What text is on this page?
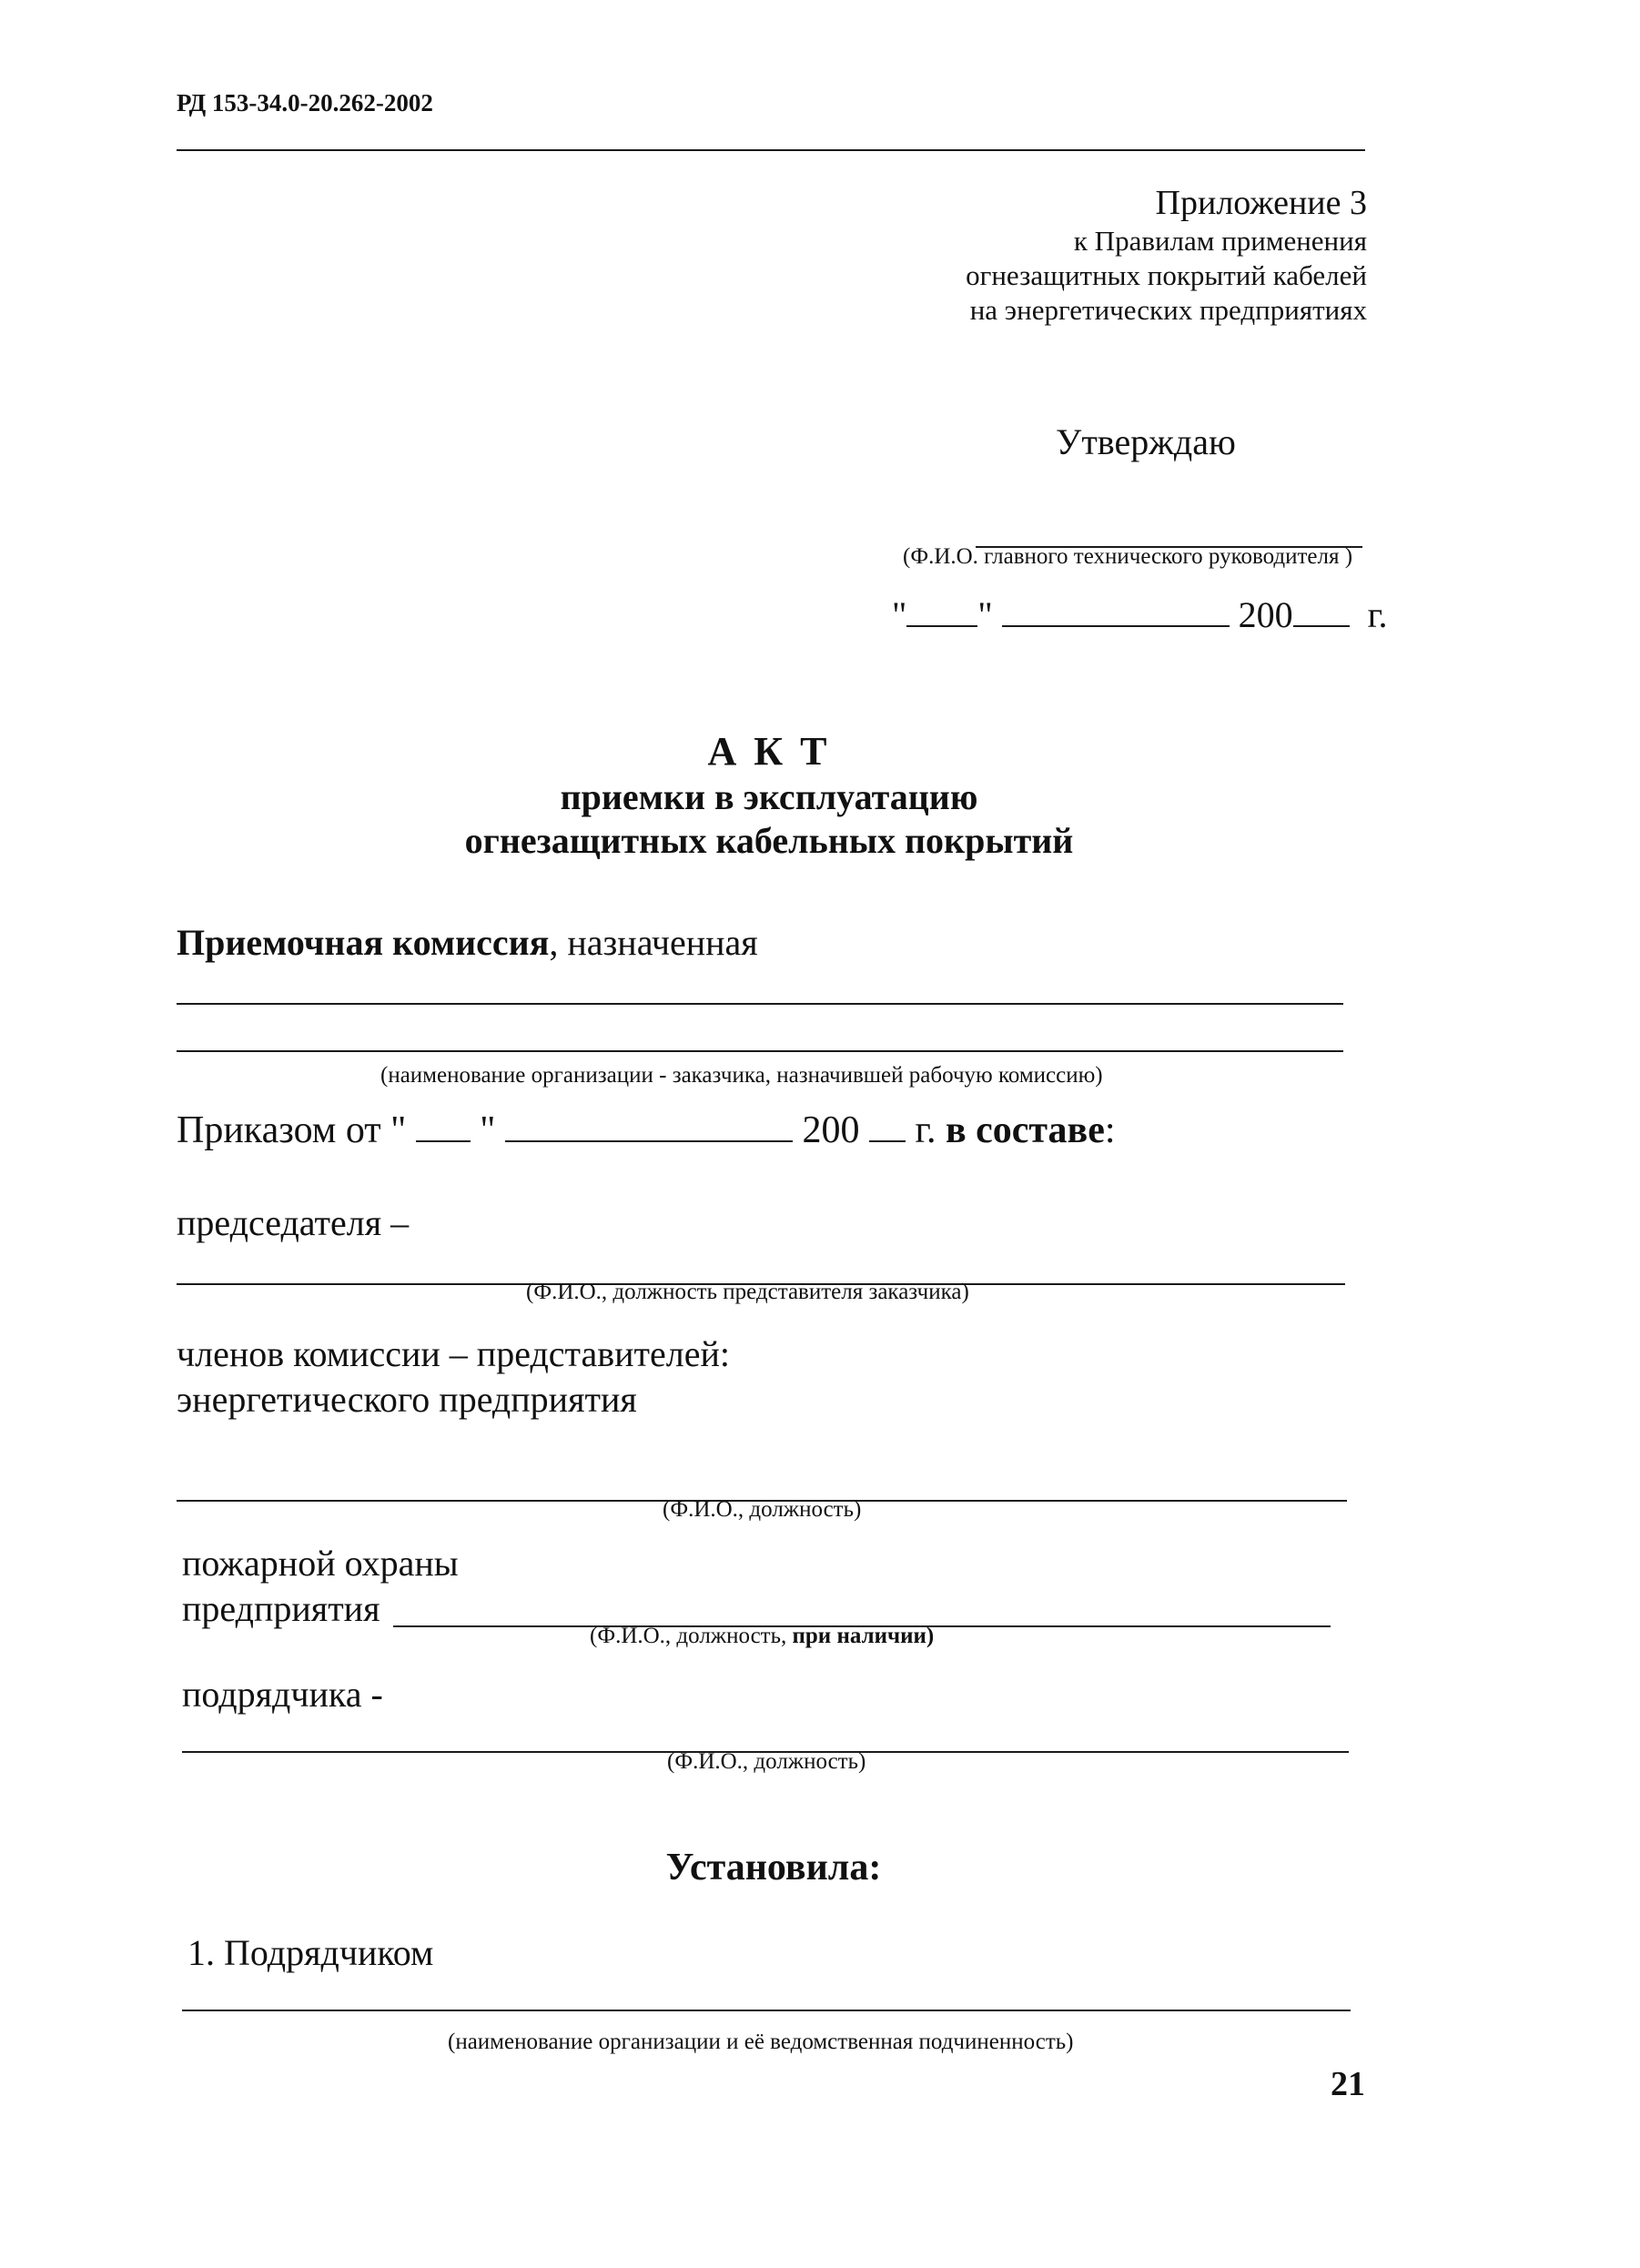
РД 153-34.0-20.262-2002
Приложение 3
к Правилам применения
огнезащитных покрытий кабелей
на энергетических предприятиях
Утверждаю
(Ф.И.О. главного технического руководителя )
" "	200 г.
А К Т
приемки в эксплуатацию
огнезащитных кабельных покрытий
Приемочная комиссия, назначенная
(наименование организации - заказчика, назначившей рабочую комиссию)
Приказом от " "	200 г. в составе:
председателя –
(Ф.И.О., должность представителя заказчика)
членов комиссии – представителей:
энергетического предприятия
(Ф.И.О., должность)
пожарной охраны
предприятия
(Ф.И.О., должность, при наличии)
подрядчика -
(Ф.И.О., должность)
Установила:
1. Подрядчиком
(наименование организации и её ведомственная подчиненность)
21
